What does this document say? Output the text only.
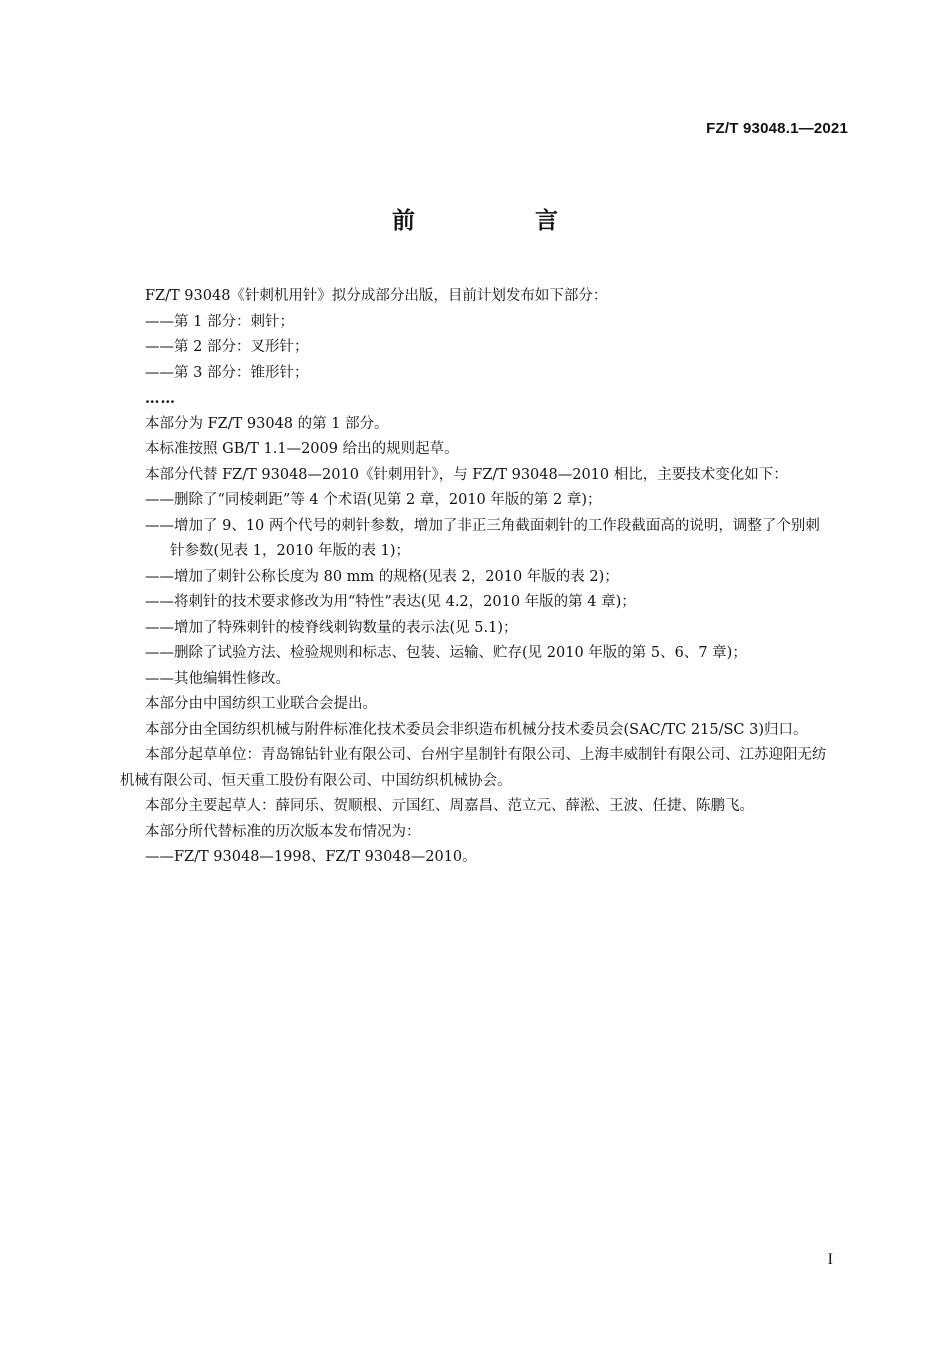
FZ/T 93048.1—2021
前 言

FZ/T 93048《针刺机用针》拟分成部分出版，目前计划发布如下部分：

——第 1 部分：刺针；

——第 2 部分：叉形针；

——第 3 部分：锥形针；

……

本部分为 FZ/T 93048 的第 1 部分。

本标准按照 GB/T 1.1—2009 给出的规则起草。

本部分代替 FZ/T 93048—2010《针刺用针》，与 FZ/T 93048—2010 相比，主要技术变化如下：

——删除了“同棱刺距”等 4 个术语(见第 2 章，2010 年版的第 2 章)；

——增加了 9、10 两个代号的刺针参数，增加了非正三角截面刺针的工作段截面高的说明，调整了个别刺针参数(见表 1，2010 年版的表 1)；

——增加了刺针公称长度为 80 mm 的规格(见表 2，2010 年版的表 2)；

——将刺针的技术要求修改为用“特性”表达(见 4.2，2010 年版的第 4 章)；

——增加了特殊刺针的棱脊线刺钩数量的表示法(见 5.1)；

——删除了试验方法、检验规则和标志、包装、运输、贮存(见 2010 年版的第 5、6、7 章)；

——其他编辑性修改。

本部分由中国纺织工业联合会提出。

本部分由全国纺织机械与附件标准化技术委员会非织造布机械分技术委员会(SAC/TC 215/SC 3)归口。

本部分起草单位：青岛锦钻针业有限公司、台州宇星制针有限公司、上海丰威制针有限公司、江苏迎阳无纺机械有限公司、恒天重工股份有限公司、中国纺织机械协会。

本部分主要起草人：薛同乐、贺顺根、亓国红、周嘉昌、范立元、薛淞、王波、任捷、陈鹏飞。

本部分所代替标准的历次版本发布情况为：

——FZ/T 93048—1998、FZ/T 93048—2010。

I
